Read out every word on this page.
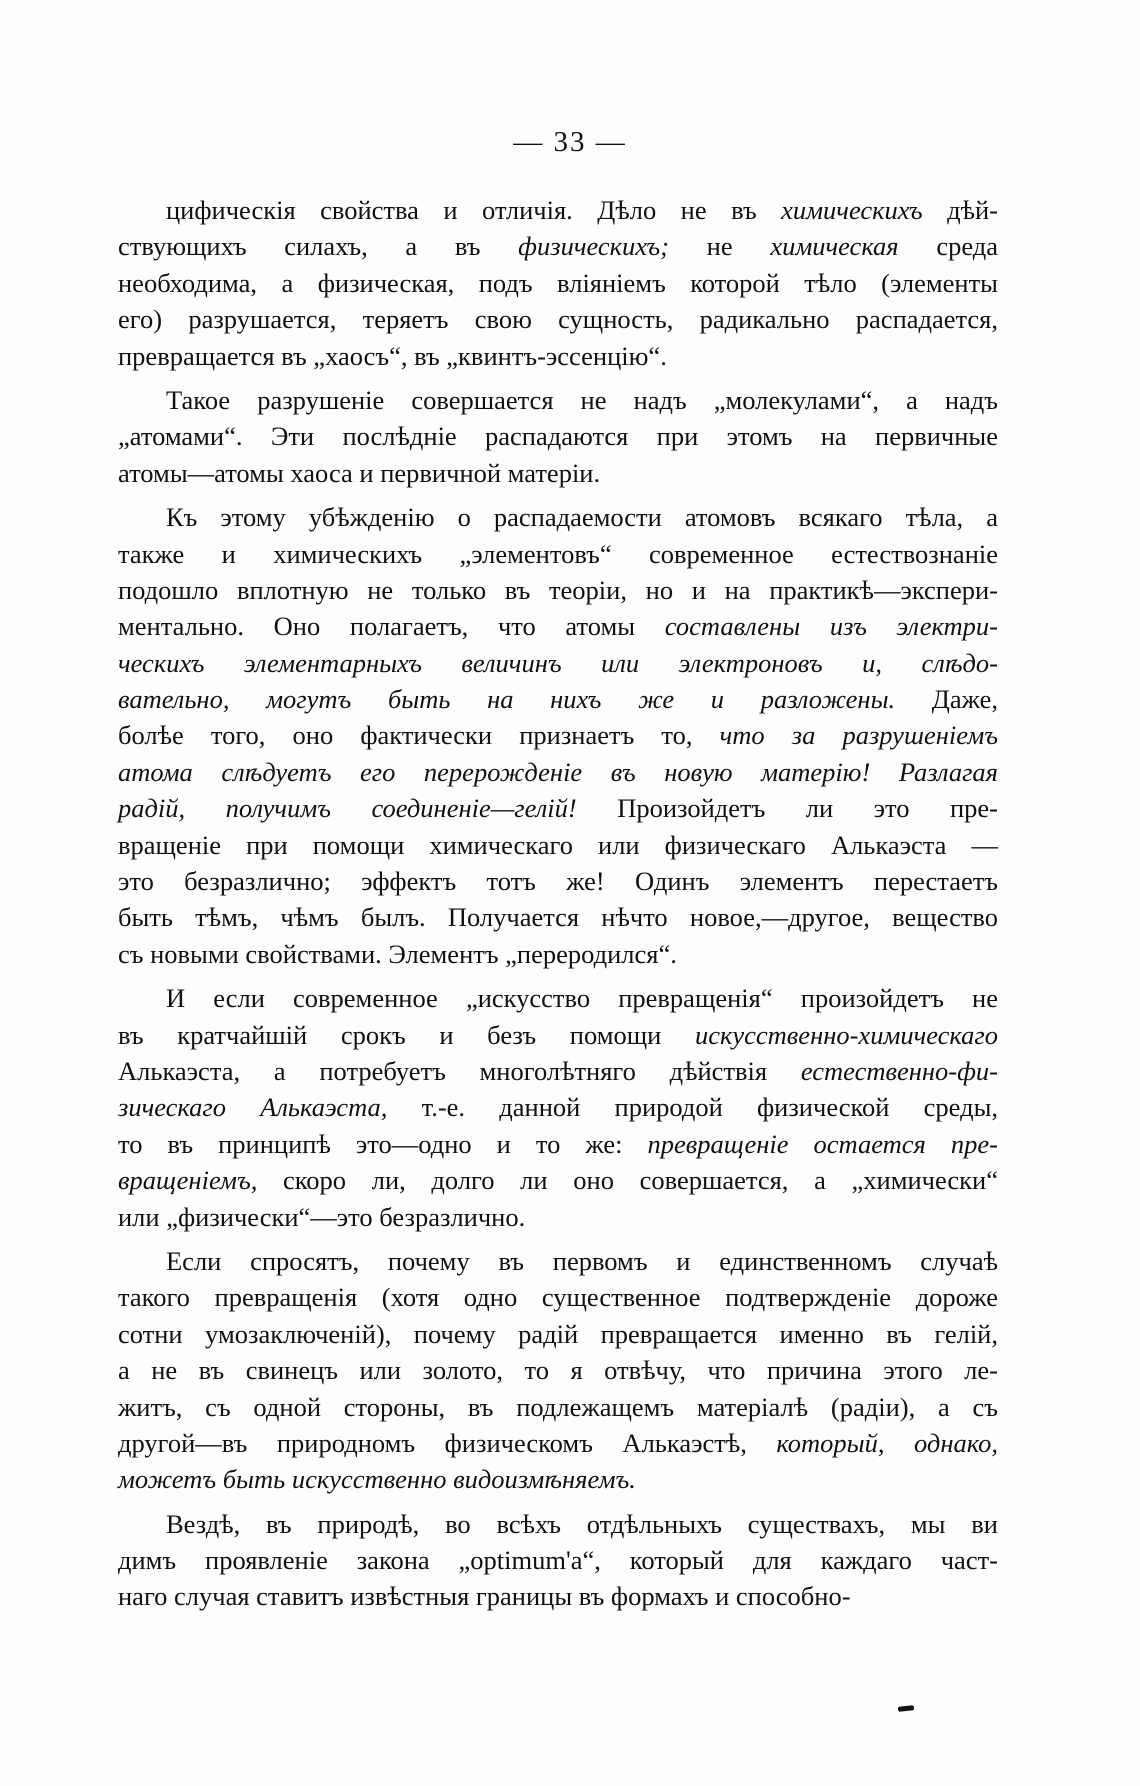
— 33 —
цифическія свойства и отличія. Дѣло не въ химическихъ дѣй-
ствующихъ силахъ, а въ физическихъ; не химическая среда
необходима, а физическая, подъ вліяніемъ которой тѣло (элементы
его) разрушается, теряетъ свою сущность, радикально распадается,
превращается въ „хаосъ“, въ „квинтъ-эссенцію“.
Такое разрушеніе совершается не надъ „молекулами“, а надъ
„атомами“. Эти послѣдніе распадаются при этомъ на первичные
атомы—атомы хаоса и первичной матеріи.
Къ этому убѣжденію о распадаемости атомовъ всякаго тѣла, а
также и химическихъ „элементовъ“ современное естествознаніе
подошло вплотную не только въ теоріи, но и на практикѣ—экспери-
ментально. Оно полагаетъ, что атомы составлены изъ электри-
ческихъ элементарныхъ величинъ или электроновъ и, слѣдо-
вательно, могутъ быть на нихъ же и разложены. Даже,
болѣе того, оно фактически признаетъ то, что за разрушеніемъ
атома слѣдуетъ его перерожденіе въ новую матерію! Разлагая
радій, получимъ соединеніе—гелій! Произойдетъ ли это пре-
вращеніе при помощи химическаго или физическаго Алькаэста —
это безразлично; эффектъ тотъ же! Одинъ элементъ перестаетъ
быть тѣмъ, чѣмъ былъ. Получается нѣчто новое,—другое, вещество
съ новыми свойствами. Элементъ „переродился“.
И если современное „искусство превращенія“ произойдетъ не
въ кратчайшій срокъ и безъ помощи искусственно-химическаго
Алькаэста, а потребуетъ многолѣтняго дѣйствія естественно-фи-
зическаго Алькаэста, т.-е. данной природой физической среды,
то въ принципѣ это—одно и то же: превращеніе остается пре-
вращеніемъ, скоро ли, долго ли оно совершается, а „химически“
или „физически“—это безразлично.
Если спросятъ, почему въ первомъ и единственномъ случаѣ
такого превращенія (хотя одно существенное подтвержденіе дороже
сотни умозаключеній), почему радій превращается именно въ гелій,
а не въ свинецъ или золото, то я отвѣчу, что причина этого ле-
житъ, съ одной стороны, въ подлежащемъ матеріалѣ (радіи), а съ
другой—въ природномъ физическомъ Алькаэстѣ, который, однако,
можетъ быть искусственно видоизмѣняемъ.
Вездѣ, въ природѣ, во всѣхъ отдѣльныхъ существахъ, мы ви
димъ проявленіе закона „optimum'а“, который для каждаго част-
наго случая ставитъ извѣстныя границы въ формахъ и способно-
